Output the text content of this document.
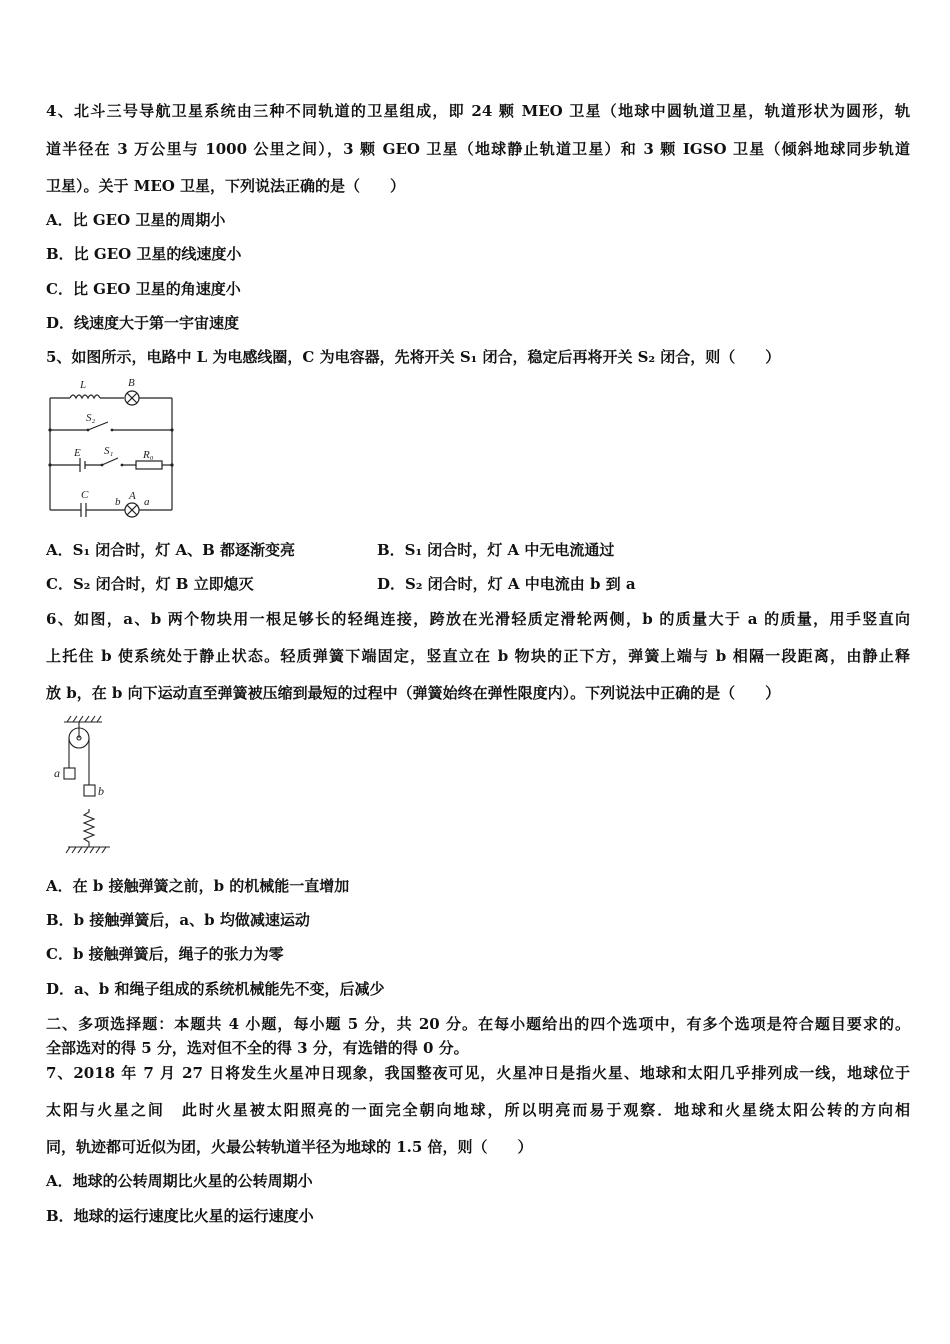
4、北斗三号导航卫星系统由三种不同轨道的卫星组成，即 24 颗 MEO 卫星（地球中圆轨道卫星，轨道形状为圆形，轨
道半径在 3 万公里与 1000 公里之间），3 颗 GEO 卫星（地球静止轨道卫星）和 3 颗 IGSO 卫星（倾斜地球同步轨道
卫星）。关于 MEO 卫星，下列说法正确的是（　　）
A．比 GEO 卫星的周期小
B．比 GEO 卫星的线速度小
C．比 GEO 卫星的角速度小
D．线速度大于第一宇宙速度
5、如图所示，电路中 L 为电感线圈，C 为电容器，先将开关 S₁ 闭合，稳定后再将开关 S₂ 闭合，则（　　）
L	B
S₂
E S₁	R₀
C
b A a
A．S₁ 闭合时，灯 A、B 都逐渐变亮	B．S₁ 闭合时，灯 A 中无电流通过
C．S₂ 闭合时，灯 B 立即熄灭	D．S₂ 闭合时，灯 A 中电流由 b 到 a
6、如图，a、b 两个物块用一根足够长的轻绳连接，跨放在光滑轻质定滑轮两侧，b 的质量大于 a 的质量，用手竖直向
上托住 b 使系统处于静止状态。轻质弹簧下端固定，竖直立在 b 物块的正下方，弹簧上端与 b 相隔一段距离，由静止释
放 b，在 b 向下运动直至弹簧被压缩到最短的过程中（弹簧始终在弹性限度内）。下列说法中正确的是（　　）
a
b
A．在 b 接触弹簧之前，b 的机械能一直增加
B．b 接触弹簧后，a、b 均做减速运动
C．b 接触弹簧后，绳子的张力为零
D．a、b 和绳子组成的系统机械能先不变，后减少
二、多项选择题：本题共 4 小题，每小题 5 分，共 20 分。在每小题给出的四个选项中，有多个选项是符合题目要求的。
全部选对的得 5 分，选对但不全的得 3 分，有选错的得 0 分。
7、2018 年 7 月 27 日将发生火星冲日现象，我国整夜可见，火星冲日是指火星、地球和太阳几乎排列成一线，地球位于
太阳与火星之间　此时火星被太阳照亮的一面完全朝向地球，所以明亮而易于观察．地球和火星绕太阳公转的方向相
同，轨迹都可近似为团，火最公转轨道半径为地球的 1.5 倍，则（　　）
A．地球的公转周期比火星的公转周期小
B．地球的运行速度比火星的运行速度小
